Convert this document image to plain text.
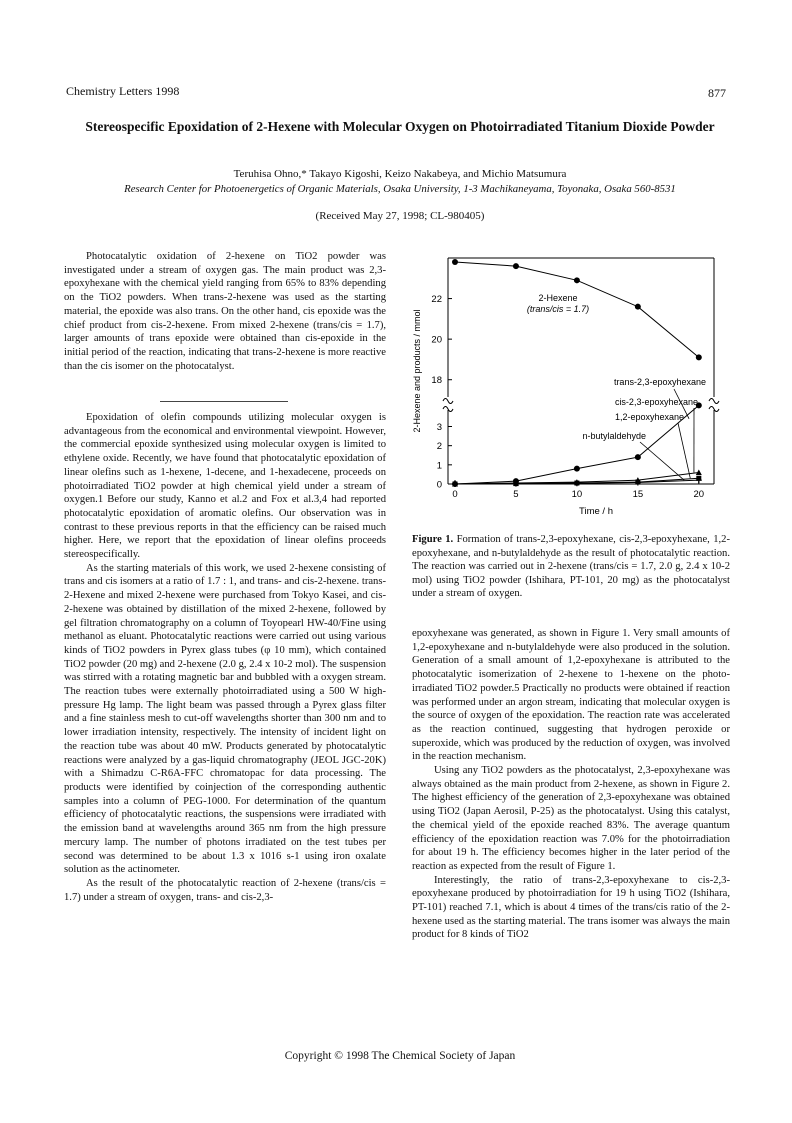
Chemistry Letters 1998	877
Stereospecific Epoxidation of 2-Hexene with Molecular Oxygen on Photoirradiated Titanium Dioxide Powder
Teruhisa Ohno,* Takayo Kigoshi, Keizo Nakabeya, and Michio Matsumura
Research Center for Photoenergetics of Organic Materials, Osaka University, 1-3 Machikaneyama, Toyonaka, Osaka 560-8531
(Received May 27, 1998; CL-980405)

Photocatalytic oxidation of 2-hexene on TiO2 powder was investigated under a stream of oxygen gas. The main product was 2,3-epoxyhexane with the chemical yield ranging from 65% to 83% depending on the TiO2 powders. When trans-2-hexene was used as the starting material, the epoxide was also trans. On the other hand, cis epoxide was the chief product from cis-2-hexene. From mixed 2-hexene (trans/cis = 1.7), larger amounts of trans epoxide were obtained than cis-epoxide in the initial period of the reaction, indicating that trans-2-hexene is more reactive than the cis isomer on the photocatalyst.

Epoxidation of olefin compounds utilizing molecular oxygen is advantageous from the economical and environmental viewpoint. However, the commercial epoxide synthesized using molecular oxygen is limited to ethylene oxide. Recently, we have found that photocatalytic epoxidation of linear olefins such as 1-hexene, 1-decene, and 1-hexadecene, proceeds on photoirradiated TiO2 powder at high chemical yield under a stream of oxygen.1 Before our study, Kanno et al.2 and Fox et al.3,4 had reported photocatalytic epoxidation of aromatic olefins. Our observation was in contrast to these previous reports in that the efficiency can be raised much higher. Here, we report that the epoxidation of linear olefins proceeds stereospecifically.

As the starting materials of this work, we used 2-hexene consisting of trans and cis isomers at a ratio of 1.7 : 1, and trans- and cis-2-hexene. trans-2-Hexene and mixed 2-hexene were purchased from Tokyo Kasei, and cis-2-hexene was obtained by distillation of the mixed 2-hexene, followed by gel filtration chromatography on a column of Toyopearl HW-40/Fine using methanol as eluant. Photocatalytic reactions were carried out using various kinds of TiO2 powders in Pyrex glass tubes (φ 10 mm), which contained TiO2 powder (20 mg) and 2-hexene (2.0 g, 2.4 x 10-2 mol). The suspension was stirred with a rotating magnetic bar and bubbled with a oxygen stream. The reaction tubes were externally photoirradiated using a 500 W high-pressure Hg lamp. The light beam was passed through a Pyrex glass filter and a fine stainless mesh to cut-off wavelengths shorter than 300 nm and to lower irradiation intensity, respectively. The intensity of incident light on the reaction tube was about 40 mW. Products generated by photocatalytic reactions were analyzed by a gas-liquid chromatography (JEOL JGC-20K) with a Shimadzu C-R6A-FFC chromatopac for data processing. The products were identified by coinjection of the corresponding authentic samples into a column of PEG-1000. For determination of the quantum efficiency of photocatalytic reactions, the suspensions were irradiated with the emission band at wavelengths around 365 nm from the high pressure mercury lamp. The number of photons irradiated on the test tubes per second was determined to be about 1.3 x 1016 s-1 using iron oxalate solution as the actinometer.

As the result of the photocatalytic reaction of 2-hexene (trans/cis = 1.7) under a stream of oxygen, trans- and cis-2,3-

18
20
22
0
1
2
3
0	5	10	15	20
Time / h
2-Hexene and products / mmol
2-Hexene
(trans/cis = 1.7)
trans-2,3-epoxyhexane
cis-2,3-epoxyhexane
1,2-epoxyhexane
n-butylaldehyde
Figure 1. Formation of trans-2,3-epoxyhexane, cis-2,3-epoxyhexane, 1,2-epoxyhexane, and n-butylaldehyde as the result of photocatalytic reaction. The reaction was carried out in 2-hexene (trans/cis = 1.7, 2.0 g, 2.4 x 10-2 mol) using TiO2 powder (Ishihara, PT-101, 20 mg) as the photocatalyst under a stream of oxygen.

epoxyhexane was generated, as shown in Figure 1. Very small amounts of 1,2-epoxyhexane and n-butylaldehyde were also produced in the solution. Generation of a small amount of 1,2-epoxyhexane is attributed to the photocatalytic isomerization of 2-hexene to 1-hexene on the photo-irradiated TiO2 powder.5 Practically no products were obtained if reaction was performed under an argon stream, indicating that molecular oxygen is the source of oxygen of the epoxidation. The reaction rate was accelerated as the reaction continued, suggesting that hydrogen peroxide or superoxide, which was produced by the reduction of oxygen, was involved in the reaction mechanism.

Using any TiO2 powders as the photocatalyst, 2,3-epoxyhexane was always obtained as the main product from 2-hexene, as shown in Figure 2. The highest efficiency of the generation of 2,3-epoxyhexane was obtained using TiO2 (Japan Aerosil, P-25) as the photocatalyst. Using this catalyst, the chemical yield of the epoxide reached 83%. The average quantum efficiency of the epoxidation reaction was 7.0% for the photoirradiation for about 19 h. The efficiency becomes higher in the later period of the reaction as expected from the result of Figure 1.

Interestingly, the ratio of trans-2,3-epoxyhexane to cis-2,3-epoxyhexane produced by photoirradiation for 19 h using TiO2 (Ishihara, PT-101) reached 7.1, which is about 4 times of the trans/cis ratio of the 2-hexene used as the starting material. The trans isomer was always the main product for 8 kinds of TiO2

Copyright © 1998 The Chemical Society of Japan
